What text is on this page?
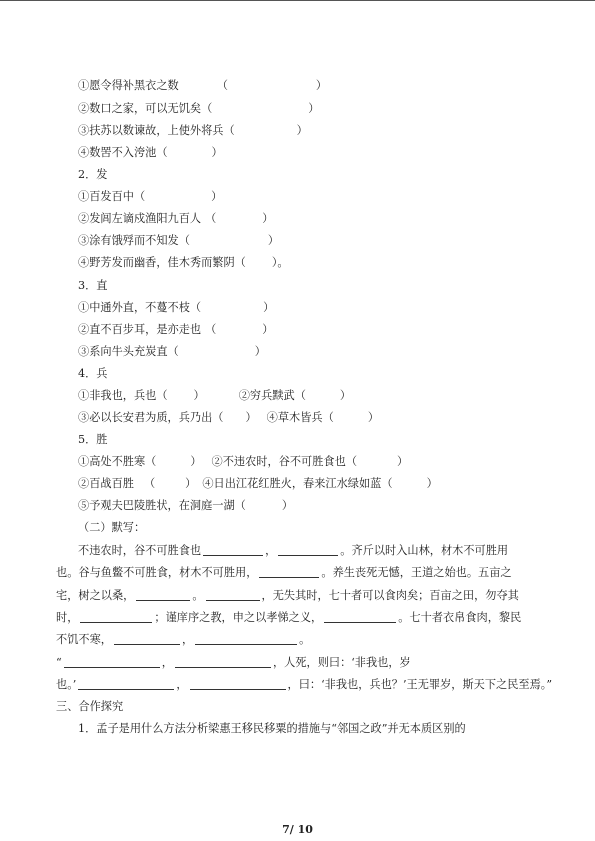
①愿令得补黑衣之数	（	）
②数口之家，可以无饥矣（	）
③扶苏以数谏故，上使外将兵（	）
④数罟不入洿池（	）
2．发
①百发百中（	）
②发闾左谪戍渔阳九百人 （	）
③涂有饿殍而不知发（	）
④野芳发而幽香，佳木秀而繁阴（ ）。
3．直
①中通外直，不蔓不枝（	）
②直不百步耳，是亦走也 （	）
③系向牛头充炭直（	）
4．兵
①非我也，兵也（ ）	②穷兵黩武（	）
③必以长安君为质，兵乃出（ ） ④草木皆兵（	）
5．胜
①高处不胜寒（	） ②不违农时，谷不可胜食也（	）
②百战百胜 （	） ④日出江花红胜火，春来江水绿如蓝（	）
⑤予观夫巴陵胜状，在洞庭一湖（	）
（二）默写：
不违农时，谷不可胜食也	，	。齐斤以时入山林，材木不可胜用
也。谷与鱼鳖不可胜食，材木不可胜用，	。养生丧死无憾，王道之始也。五亩之
宅，树之以桑，	。	，无失其时，七十者可以食肉矣；百亩之田，勿夺其
时，	；谨庠序之教，申之以孝悌之义，	。七十者衣帛食肉，黎民
不饥不寒，	，	。
“	，	，人死，则曰：‘非我也，岁
也。’	，	，曰：‘非我也，兵也？’王无罪岁，斯天下之民至焉。”
三、合作探究
1．孟子是用什么方法分析梁惠王移民移粟的措施与“邻国之政”并无本质区别的
7/ 10
